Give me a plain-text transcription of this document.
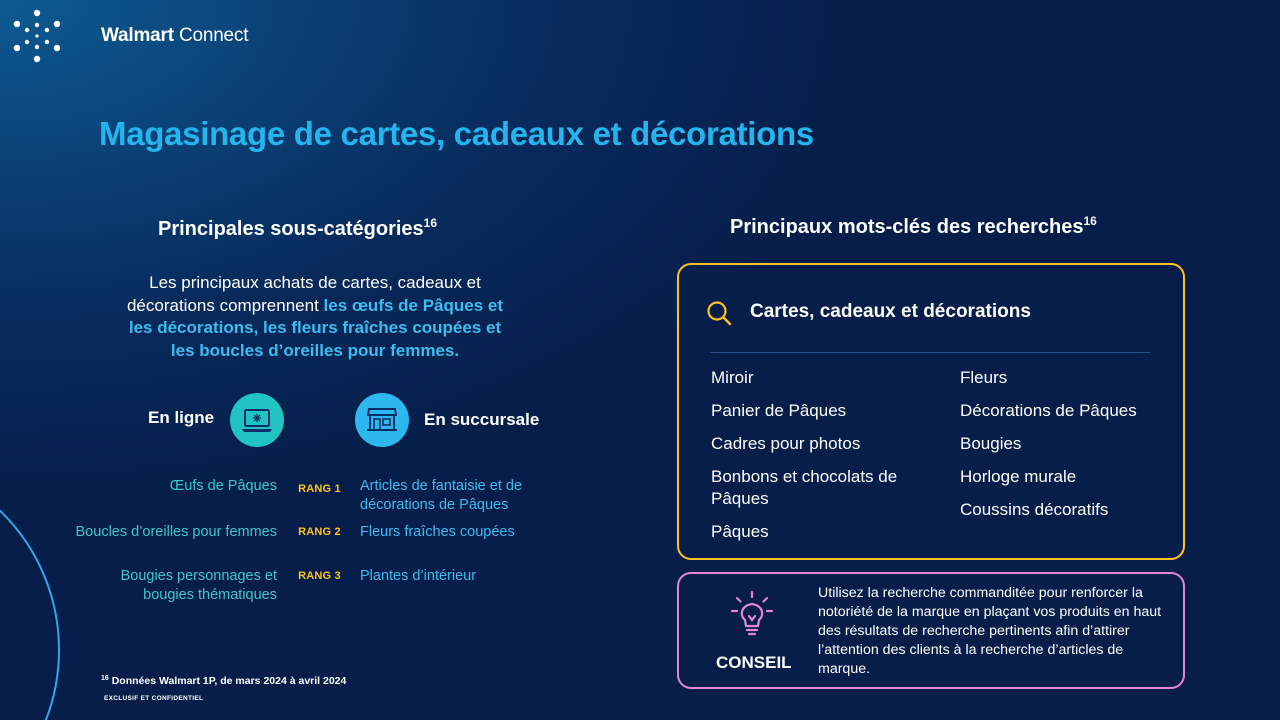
Walmart Connect
Magasinage de cartes, cadeaux et décorations
Principales sous-catégories$^{16}$
Les principaux achats de cartes, cadeaux et décorations comprennent les œufs de Pâques et les décorations, les fleurs fraîches coupées et les boucles d’oreilles pour femmes.
En ligne	En succursale
Œufs de Pâques RANG 1 Articles de fantaisie et de
décorations de Pâques
Boucles d’oreilles pour femmes RANG 2 Fleurs fraîches coupées
Bougies personnages et
bougies thématiques
RANG 3 Plantes d’intérieur
Principaux mots-clés des recherches$^{16}$
Cartes, cadeaux et décorations
Miroir
Panier de Pâques
Cadres pour photos
Bonbons et chocolats de Pâques
Pâques
Fleurs
Décorations de Pâques
Bougies
Horloge murale
Coussins décoratifs
CONSEIL
Utilisez la recherche commanditée pour renforcer la notoriété de la marque en plaçant vos produits en haut des résultats de recherche pertinents afin d’attirer l’attention des clients à la recherche d’articles de marque.
$^{16}$ Données Walmart 1P, de mars 2024 à avril 2024
EXCLUSIF ET CONFIDENTIEL
